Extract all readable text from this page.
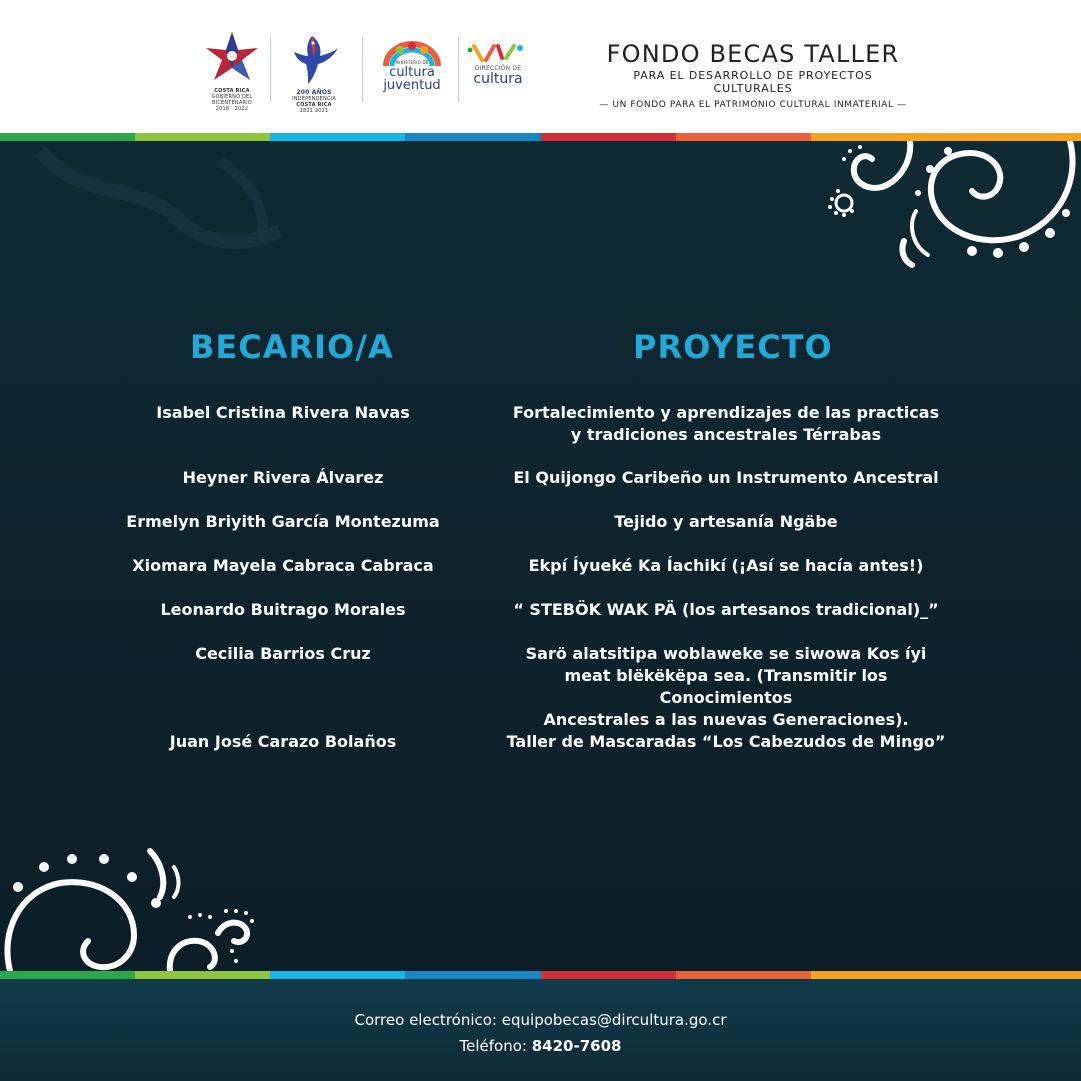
COSTA RICA
GOBIERNO DEL BICENTENARIO
2018 · 2022
200 AÑOS
INDEPENDENCIA
COSTA RICA
1821·2021
MINISTERIO DE
cultura
juventud
DIRECCIÓN DE
cultura
FONDO BECAS TALLER
PARA EL DESARROLLO DE PROYECTOS CULTURALES
— UN FONDO PARA EL PATRIMONIO CULTURAL INMATERIAL —
BECARIO/A	PROYECTO
Isabel Cristina Rivera Navas	Fortalecimiento y aprendizajes de las practicas
y tradiciones ancestrales Térrabas
Heyner Rivera Álvarez	El Quijongo Caribeño un Instrumento Ancestral
Ermelyn Briyith García Montezuma	Tejido y artesanía Ngäbe
Xiomara Mayela Cabraca Cabraca	Ekpí Íyueké Ka Íachikí (¡Así se hacía antes!)
Leonardo Buitrago Morales	“ STEBÖK WAK PÄ (los artesanos tradicional)_”
Cecilia Barrios Cruz	Sarö alatsitipa woblaweke se siwowa Kos íyi
meat blëkëkëpa sea. (Transmitir los Conocimientos
Ancestrales a las nuevas Generaciones).
Juan José Carazo Bolaños	Taller de Mascaradas “Los Cabezudos de Mingo”
Correo electrónico: equipobecas@dircultura.go.cr
Teléfono: 8420-7608
